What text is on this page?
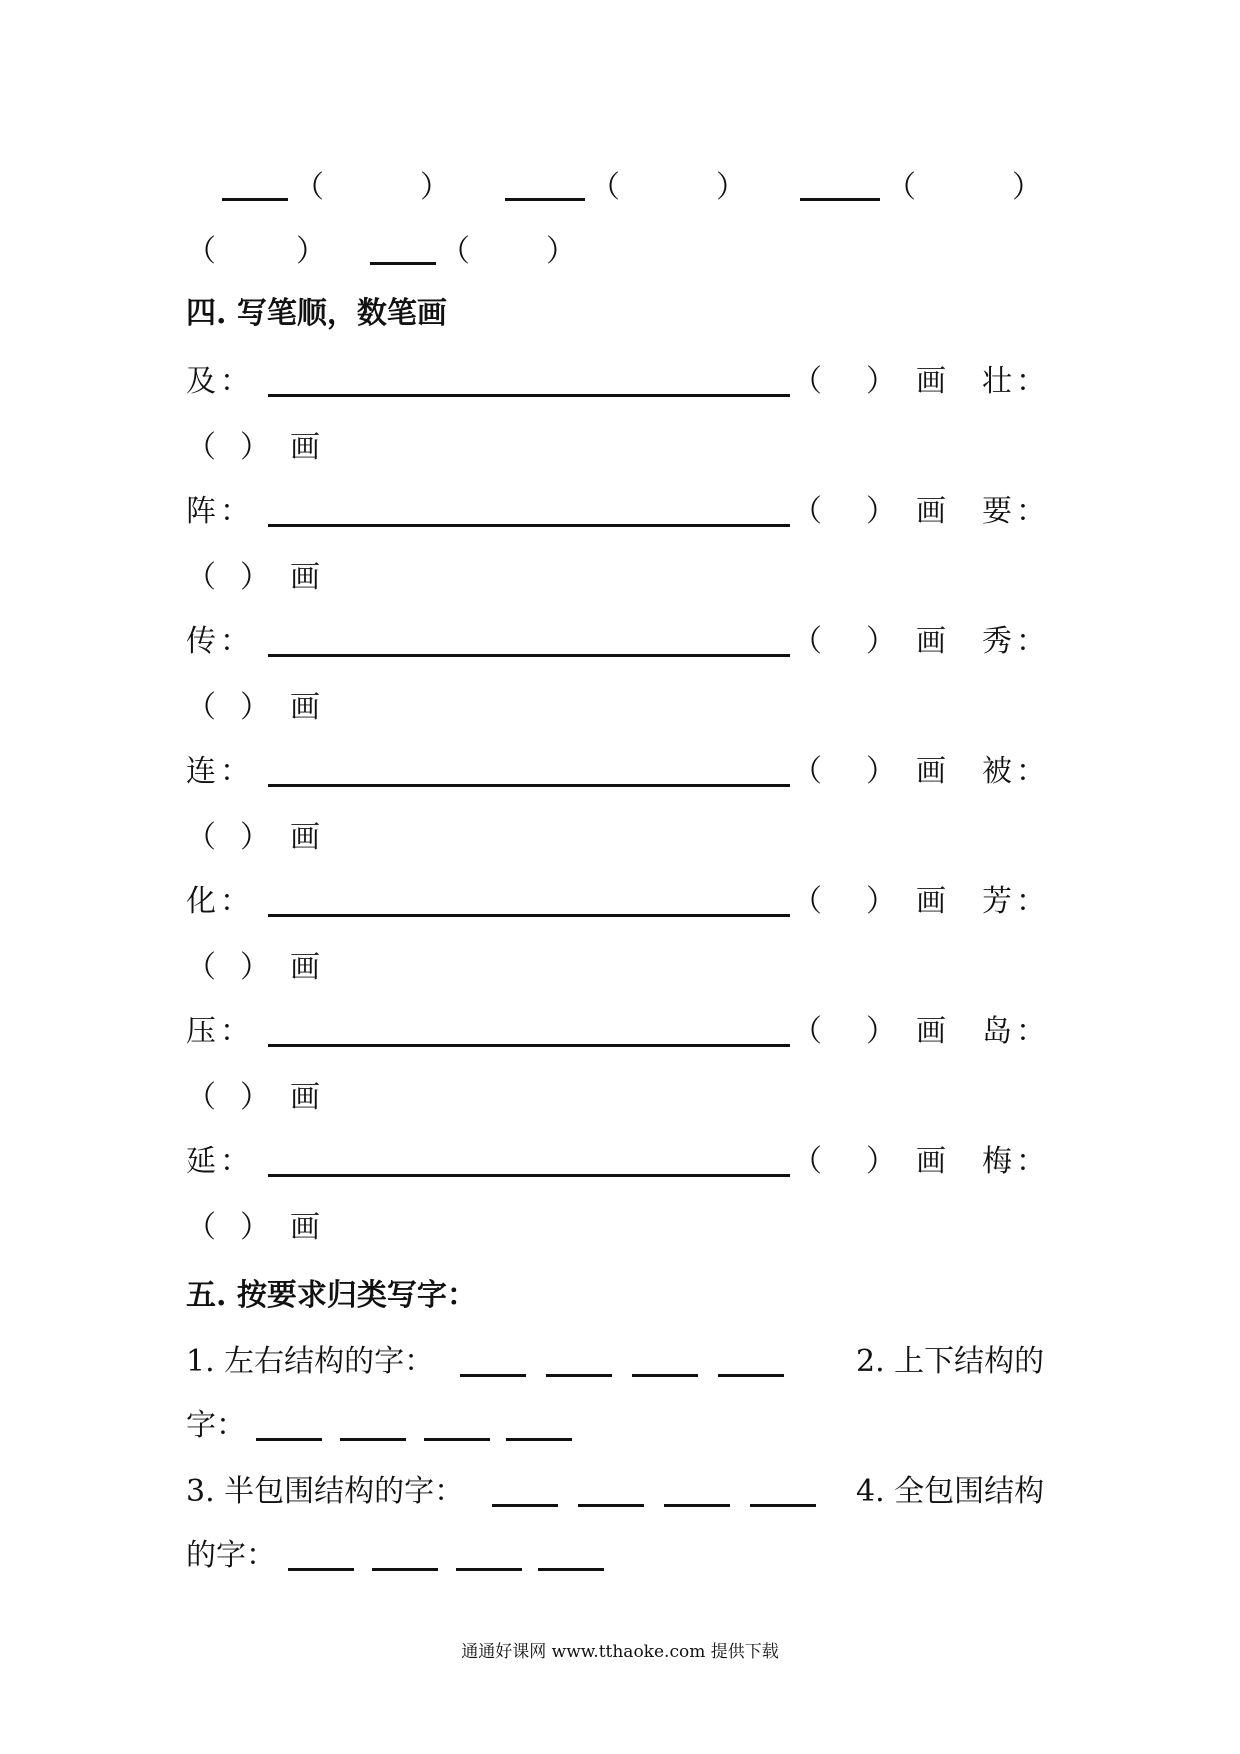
（	）	（	）	（	）
（	）	（	）
四. 写笔顺，数笔画
及 ：	（ ） 画 壮 ：
（ ） 画
阵 ：	（ ） 画 要 ：
（ ） 画
传 ：	（ ） 画 秀 ：
（ ） 画
连 ：	（ ） 画 被 ：
（ ） 画
化 ：	（ ） 画 芳 ：
（ ） 画
压 ：	（ ） 画 岛 ：
（ ） 画
延 ：	（ ） 画 梅 ：
（ ） 画
五. 按要求归类写字：
1. 左右结构的字：	2. 上下结构的
字：
3. 半包围结构的字：	4. 全包围结构
的字：
通通好课网 www.tthaoke.com 提供下载
